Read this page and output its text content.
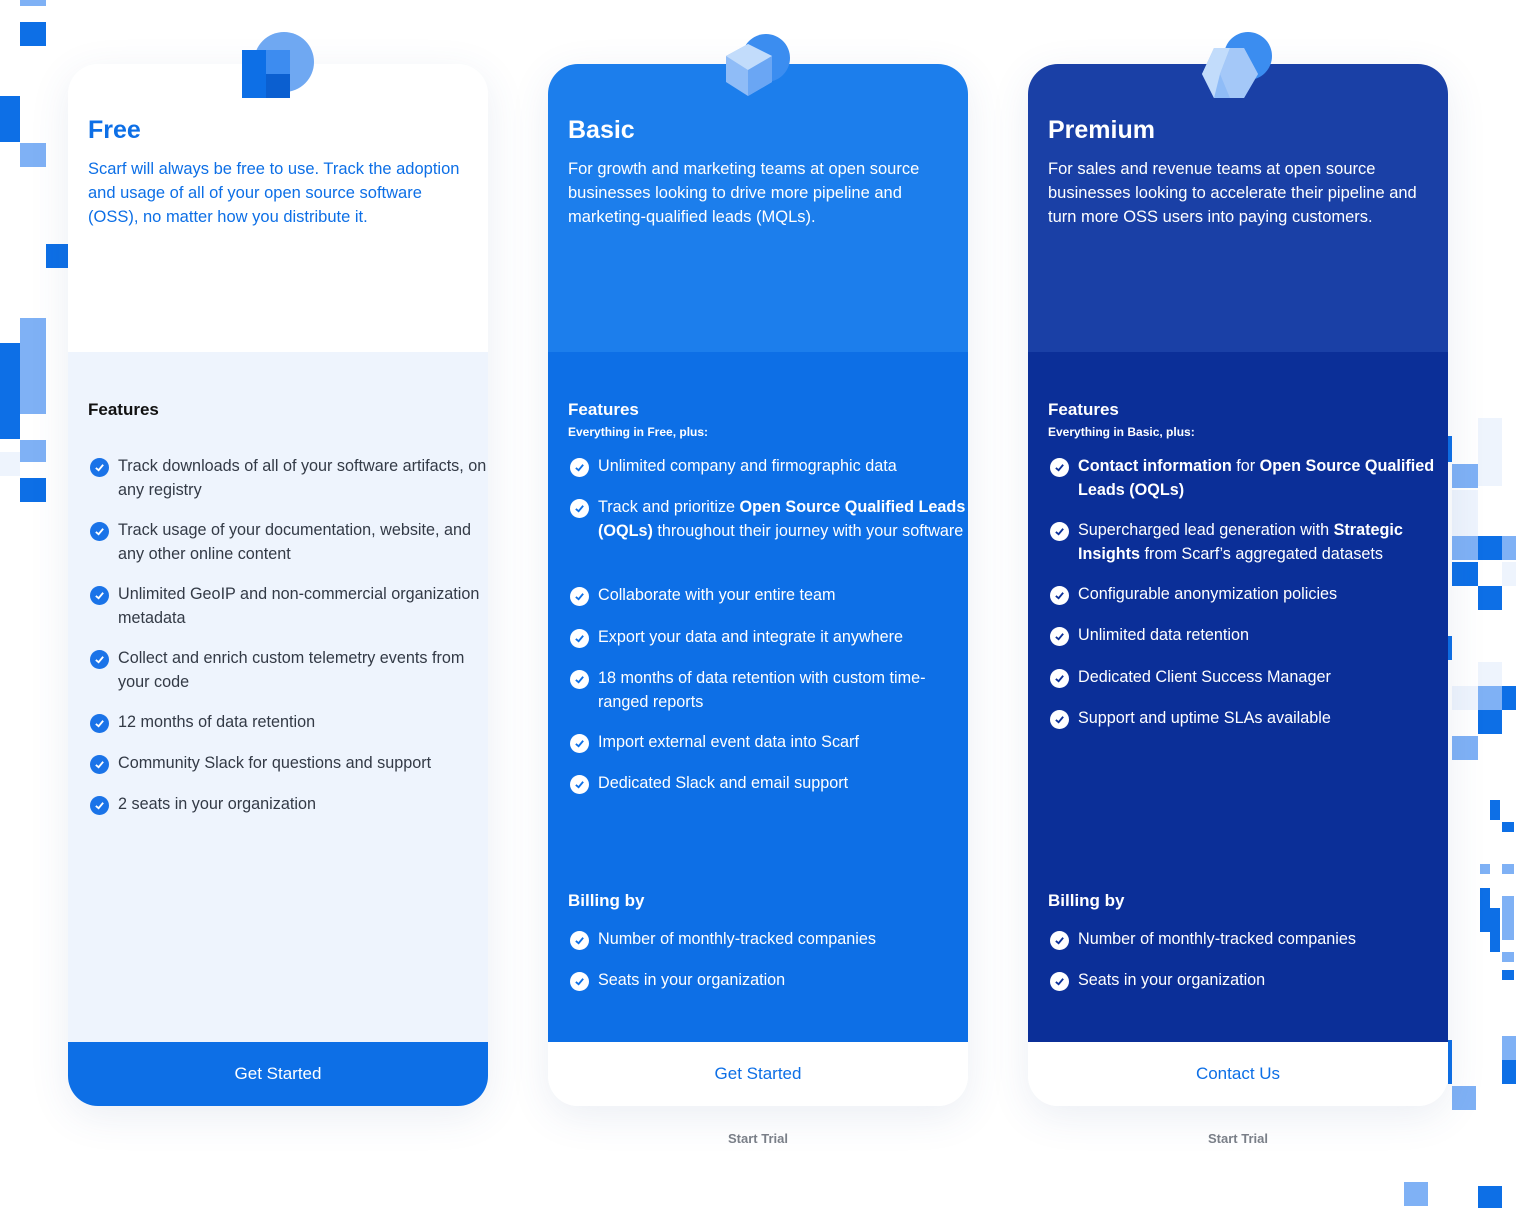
Free

Scarf will always be free to use. Track the adoption and usage of all of your open source software (OSS), no matter how you distribute it.

Features
Track downloads of all of your software artifacts, on any registry
Track usage of your documentation, website, and any other online content
Unlimited GeoIP and non-commercial organization metadata
Collect and enrich custom telemetry events from your code
12 months of data retention
Community Slack for questions and support
2 seats in your organization
Get Started
Basic

For growth and marketing teams at open source businesses looking to drive more pipeline and marketing-qualified leads (MQLs).

Features
Everything in Free, plus:
Unlimited company and firmographic data
Track and prioritize Open Source Qualified Leads (OQLs) throughout their journey with your software
Collaborate with your entire team
Export your data and integrate it anywhere
18 months of data retention with custom time-ranged reports
Import external event data into Scarf
Dedicated Slack and email support
Billing by
Number of monthly-tracked companies
Seats in your organization
Get Started
Start Trial
Premium

For sales and revenue teams at open source businesses looking to accelerate their pipeline and turn more OSS users into paying customers.

Features
Everything in Basic, plus:
Contact information for Open Source Qualified Leads (OQLs)
Supercharged lead generation with Strategic Insights from Scarf’s aggregated datasets
Configurable anonymization policies
Unlimited data retention
Dedicated Client Success Manager
Support and uptime SLAs available
Billing by
Number of monthly-tracked companies
Seats in your organization
Contact Us
Start Trial
